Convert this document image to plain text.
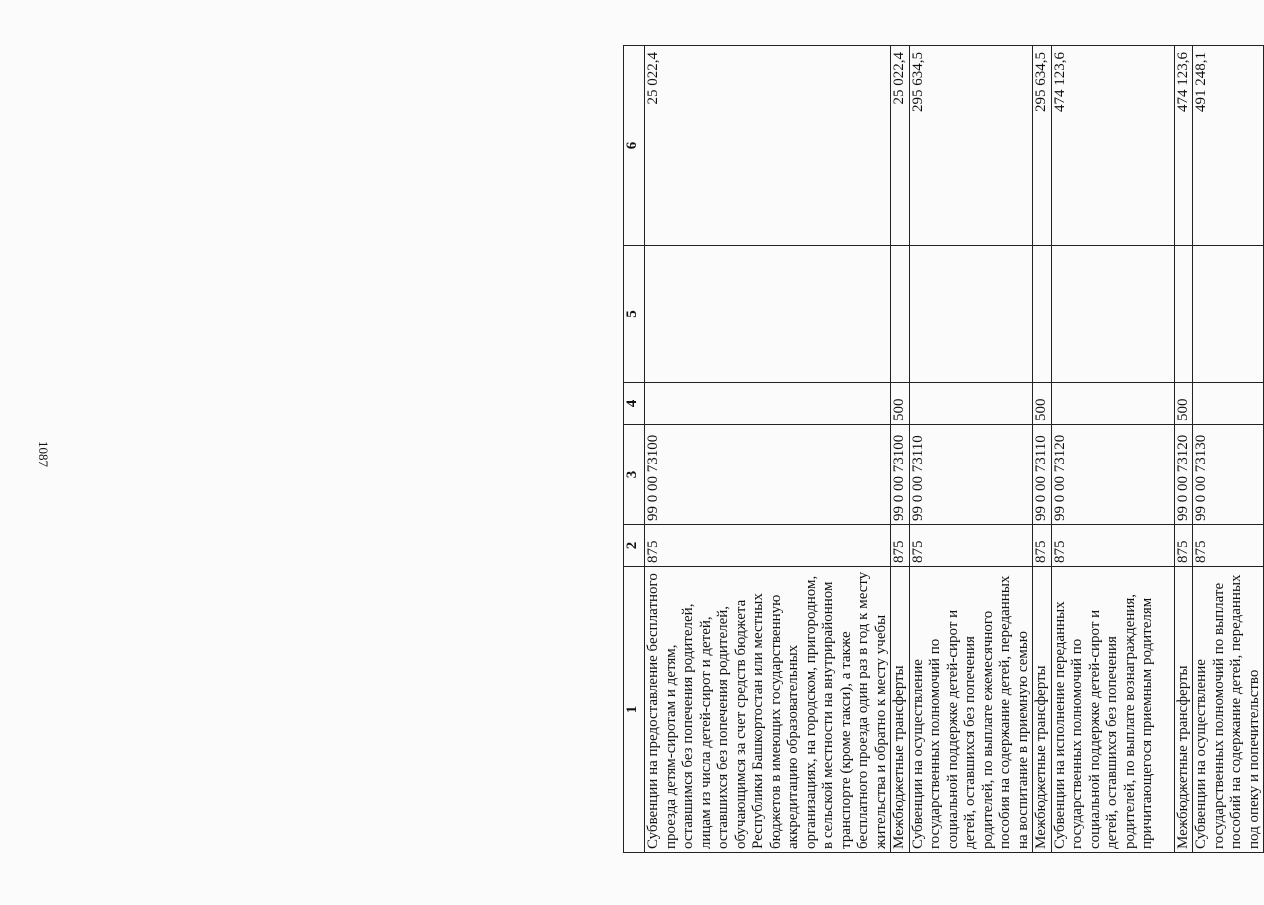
1087
1	2	3	4	5	6
Субвенции на предоставление бесплатного проезда детям-сиротам и детям, оставшимся без попечения родителей, лицам из числа детей-сирот и детей, оставшихся без попечения родителей, обучающимся за счет средств бюджета Республики Башкортостан или местных бюджетов в имеющих государственную аккредитацию образовательных организациях, на городском, пригородном, в сельской местности на внутрирайонном транспорте (кроме такси), а также бесплатного проезда один раз в год к месту жительства и обратно к месту учебы	875	99 0 00 73100			25 022,4
Межбюджетные трансферты	875	99 0 00 73100	500		25 022,4
Субвенции на осуществление государственных полномочий по социальной поддержке детей-сирот и детей, оставшихся без попечения родителей, по выплате ежемесячного пособия на содержание детей, переданных на воспитание в приемную семью	875	99 0 00 73110			295 634,5
Межбюджетные трансферты	875	99 0 00 73110	500		295 634,5
Субвенции на исполнение переданных государственных полномочий по социальной поддержке детей-сирот и детей, оставшихся без попечения родителей, по выплате вознаграждения, причитающегося приемным родителям	875	99 0 00 73120			474 123,6
Межбюджетные трансферты	875	99 0 00 73120	500		474 123,6
Субвенции на осуществление государственных полномочий по выплате пособий на содержание детей, переданных под опеку и попечительство	875	99 0 00 73130			491 248,1
